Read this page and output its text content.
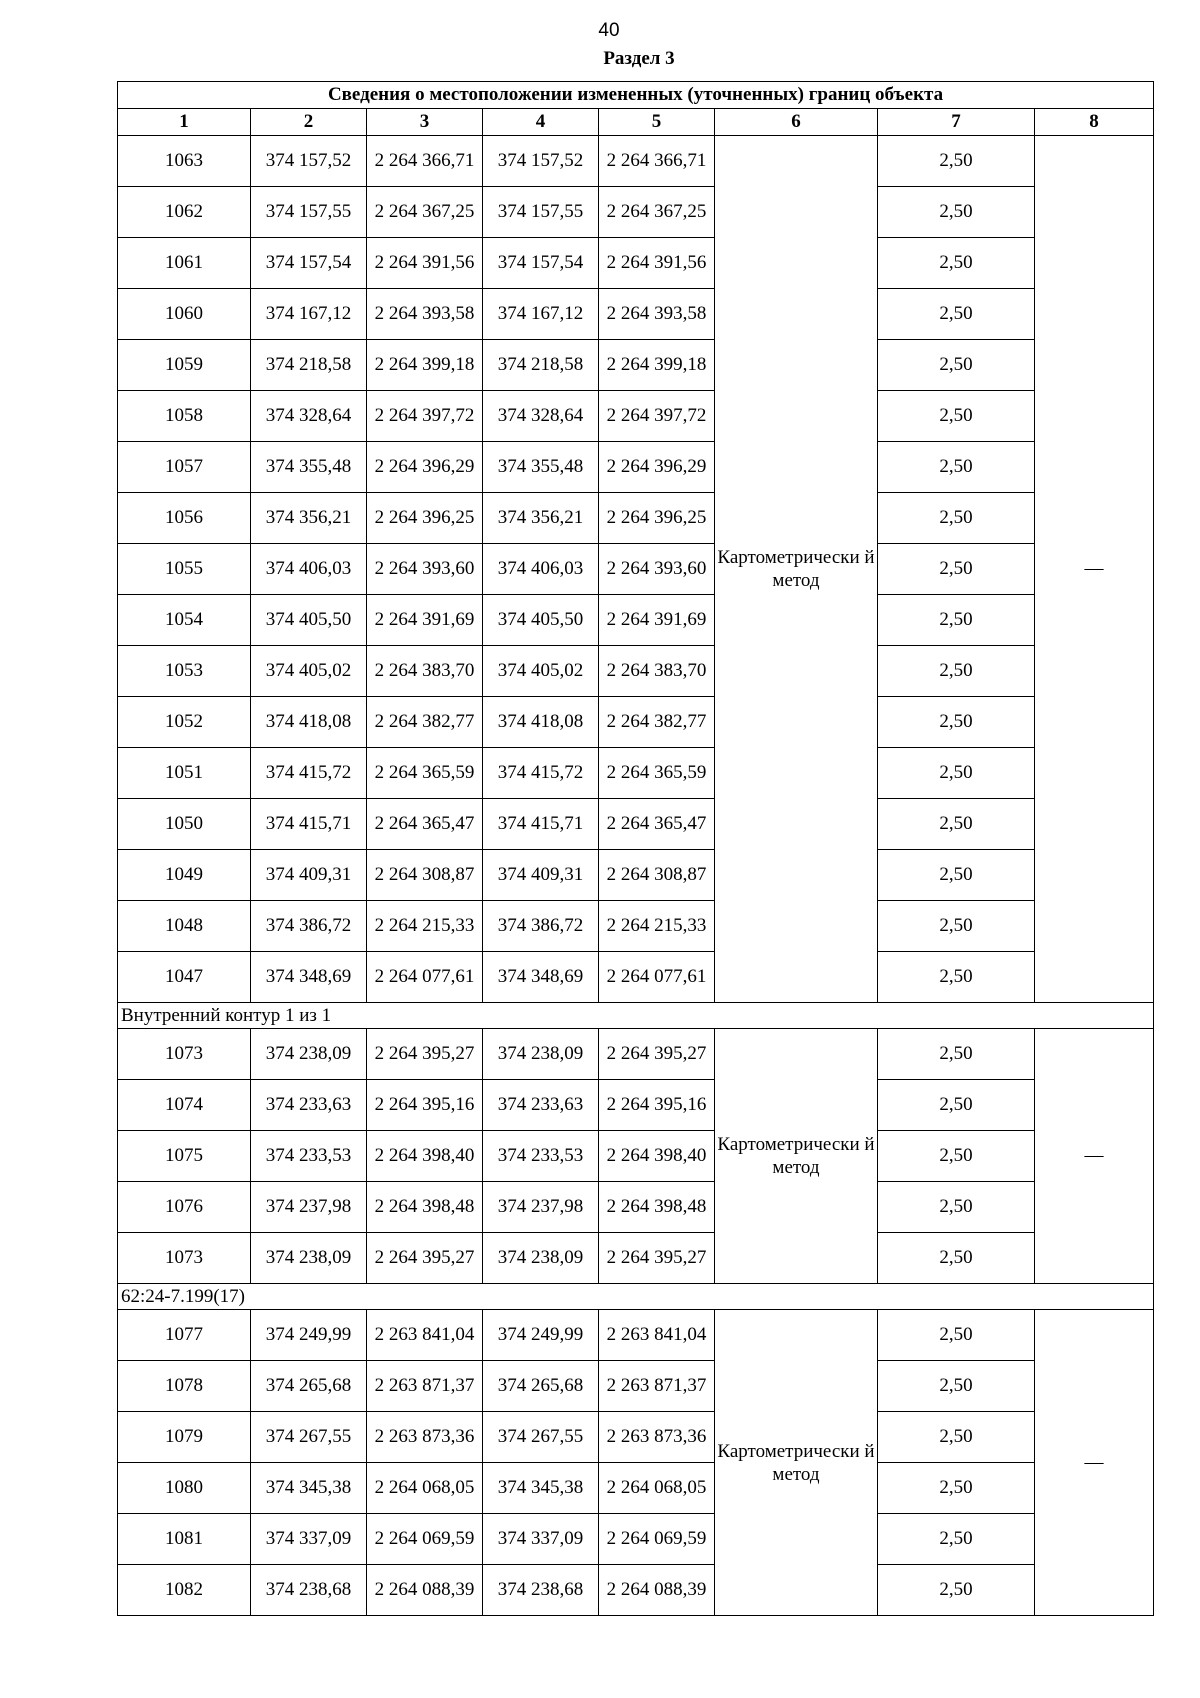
40
Раздел 3
Сведения о местоположении измененных (уточненных) границ объекта							
1	2	3	4	5	6	7	8
1063	374 157,52	2 264 366,71	374 157,52	2 264 366,71	Картометрически й метод	2,50	—
1062	374 157,55	2 264 367,25	374 157,55	2 264 367,25		2,50	
1061	374 157,54	2 264 391,56	374 157,54	2 264 391,56		2,50	
1060	374 167,12	2 264 393,58	374 167,12	2 264 393,58		2,50	
1059	374 218,58	2 264 399,18	374 218,58	2 264 399,18		2,50	
1058	374 328,64	2 264 397,72	374 328,64	2 264 397,72		2,50	
1057	374 355,48	2 264 396,29	374 355,48	2 264 396,29		2,50	
1056	374 356,21	2 264 396,25	374 356,21	2 264 396,25		2,50	
1055	374 406,03	2 264 393,60	374 406,03	2 264 393,60		2,50	
1054	374 405,50	2 264 391,69	374 405,50	2 264 391,69		2,50	
1053	374 405,02	2 264 383,70	374 405,02	2 264 383,70		2,50	
1052	374 418,08	2 264 382,77	374 418,08	2 264 382,77		2,50	
1051	374 415,72	2 264 365,59	374 415,72	2 264 365,59		2,50	
1050	374 415,71	2 264 365,47	374 415,71	2 264 365,47		2,50	
1049	374 409,31	2 264 308,87	374 409,31	2 264 308,87		2,50	
1048	374 386,72	2 264 215,33	374 386,72	2 264 215,33		2,50	
1047	374 348,69	2 264 077,61	374 348,69	2 264 077,61		2,50	
Внутренний контур 1 из 1							
1073	374 238,09	2 264 395,27	374 238,09	2 264 395,27	Картометрически й метод	2,50	—
1074	374 233,63	2 264 395,16	374 233,63	2 264 395,16		2,50	
1075	374 233,53	2 264 398,40	374 233,53	2 264 398,40		2,50	
1076	374 237,98	2 264 398,48	374 237,98	2 264 398,48		2,50	
1073	374 238,09	2 264 395,27	374 238,09	2 264 395,27		2,50	
62:24-7.199(17)							
1077	374 249,99	2 263 841,04	374 249,99	2 263 841,04	Картометрически й метод	2,50	—
1078	374 265,68	2 263 871,37	374 265,68	2 263 871,37		2,50	
1079	374 267,55	2 263 873,36	374 267,55	2 263 873,36		2,50	
1080	374 345,38	2 264 068,05	374 345,38	2 264 068,05		2,50	
1081	374 337,09	2 264 069,59	374 337,09	2 264 069,59		2,50	
1082	374 238,68	2 264 088,39	374 238,68	2 264 088,39		2,50	
